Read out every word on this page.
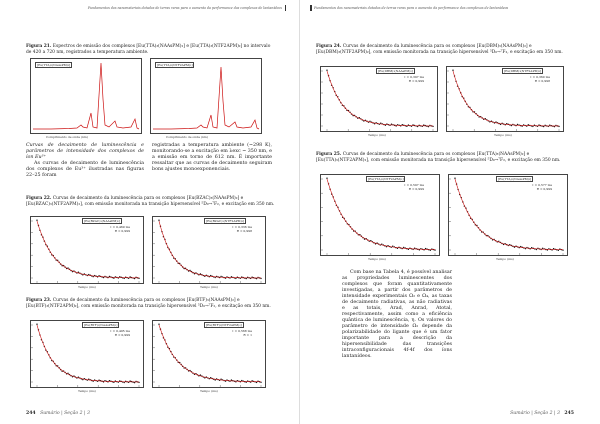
Fundamentos dos nanomateriais dotados de terras raras para o aumento da performance dos complexos de lantanídeos
Figura 21. Espectros de emissão dos complexos [Eu(TTA)₃(NAAsPM)₂] e [Eu(TTA)₃(NTF2APM)₂] no intervalo de 420 a 720 nm, registrados a temperatura ambiente.
[Eu(TTA)₃(NAAsPM)₂]	[Eu(TTA)₃(NTF2APM)₂]
Comprimento de onda (nm)	Comprimento de onda (nm)
Curvas de decaimento de luminescência e parâmetros de intensidade dos complexos de íon Eu³⁺

As curvas de decaimento de luminescência dos complexos de Eu³⁺ ilustradas nas figuras 22–25 foram

registradas a temperatura ambiente (~298 K), monitorando-se a excitação em λexc ~ 350 nm, e a emissão em torno de 612 nm. É importante ressaltar que as curvas de decaimento seguiram bons ajustes monoexponenciais.
Figura 22. Curvas de decaimento da luminescência para os complexos [Eu(BZAC)₃(NAAsPM)₂] e [Eu(BZAC)₃(NTF2APM)₂], com emissão monitorada na transição hipersensível ⁵D₀→⁷F₂, e excitação em 350 nm.
[Eu(BZAC)₃(NAAsPM)₂]
τ = 0,469 ms
R = 0,999
[Eu(BZAC)₃(NTF2APM)₂]
τ = 0,336 ms
R = 0,998
Tempo (ms)	Tempo (ms)
Figura 23. Curvas de decaimento da luminescência para os complexos [Eu(BTF)₃(NAAsPM)₂] e [Eu(BTF)₃(NTF2APM)₂], com emissão monitorada na transição hipersensível ⁵D₀→⁷F₂, e excitação em 350 nm.
[Eu(BTF)₃(NAAsPM)₂]
τ = 0,495 ms
R = 0,999
[Eu(BTF)₃(NTF2APM)₂]
τ = 0,568 ms
R = 1
Tempo (ms)	Tempo (ms)
244 Sumário | Seção 2 | 3
Fundamentos dos nanomateriais dotados de terras raras para o aumento da performance dos complexos de lantanídeos
Figura 24. Curvas de decaimento da luminescência para os complexos [Eu(DBM)₃(NAAsPM)₂] e [Eu(DBM)₃(NTF2APM)₂], com emissão monitorada na transição hipersensível ⁵D₀→⁷F₂, e excitação em 350 nm.
[Eu(DBM)₃(NAAsPM)₂]
τ = 0,397 ms
R = 0,999
[Eu(DBM)₃(NTF2APM)₂]
τ = 0,360 ms
R = 0,998
Tempo (ms)	Tempo (ms)
Figura 25. Curvas de decaimento da luminescência para os complexos [Eu(TTA)₃(NAAsPM)₂] e [Eu(TTA)₃(NTF2APM)₂], com emissão monitorada na transição hipersensível ⁵D₀→⁷F₂, e excitação em 350 nm.
[Eu(TTA)₃(NTF2APM)₂]
τ = 0,597 ms
R = 0,999
[Eu(TTA)₃(NAAsPM)₂]
τ = 0,577 ms
R = 0,999
Tempo (ms)	Tempo (ms)

Com base na Tabela 4, é possível analisar as propriedades luminescentes dos complexos que foram quantitativamente investigadas, a partir dos parâmetros de intensidade experimentais Ω₂ e Ω₄, as taxas de decaimento radiativas, as não radiativas e as totais, Arad, Anrad, Atotal, respectivamente, assim como a eficiência quântica de luminescência, η. Os valores do parâmetro de intensidade Ω₂ depende da polarizabilidade do ligante que é um fator importante para a descrição da hipersensibilidade das transições intraconfiguracionais 4f-4f dos íons lantanídeos.

Sumário | Seção 2 | 3 245
